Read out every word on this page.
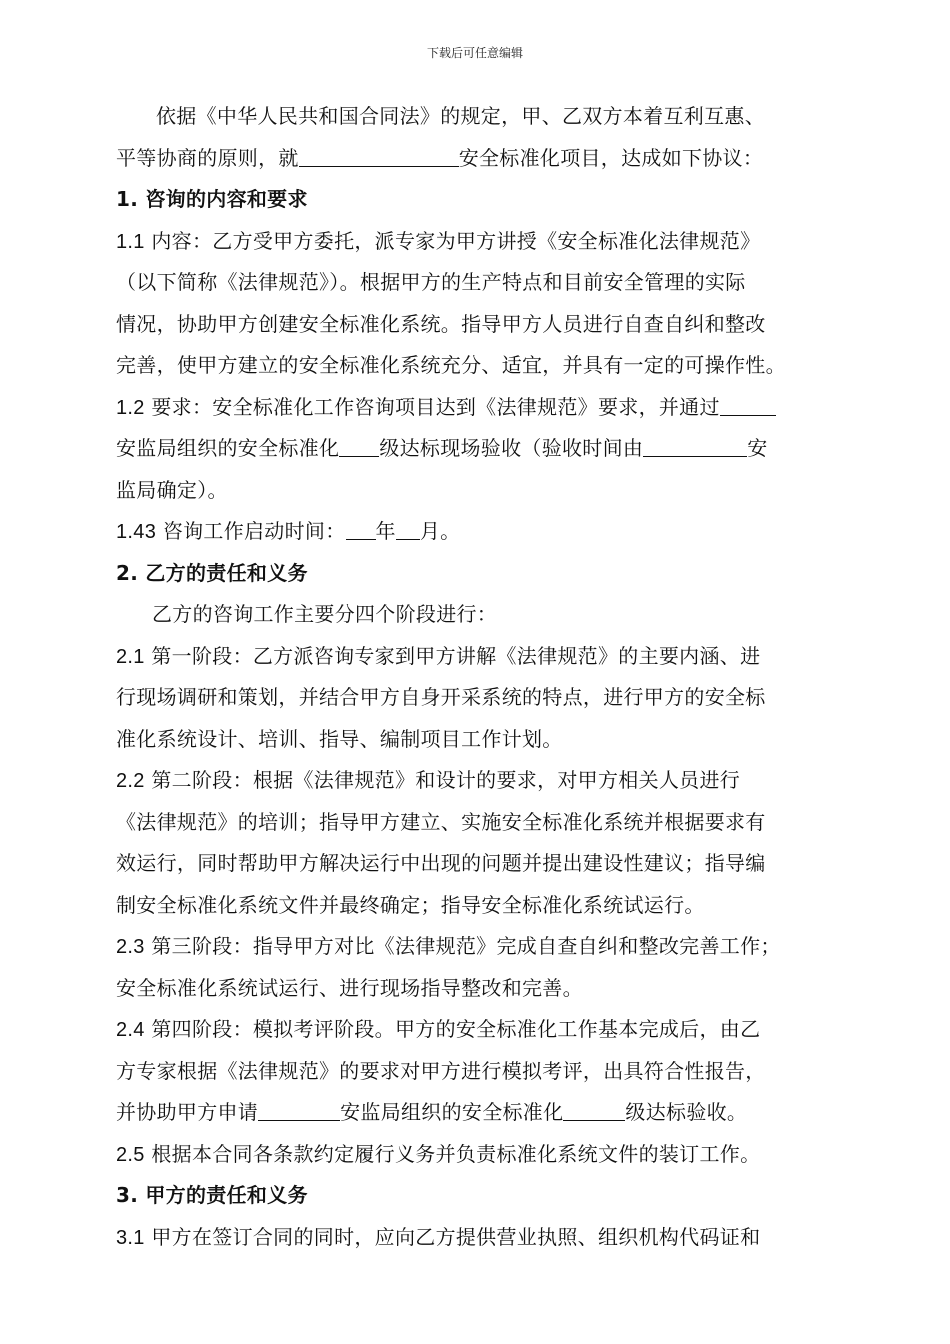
下载后可任意编辑
依据《中华人民共和国合同法》的规定，甲、乙双方本着互利互惠、
平等协商的原则，就	安全标准化项目，达成如下协议：
1. 咨询的内容和要求
1.1 内容：乙方受甲方委托，派专家为甲方讲授《安全标准化法律规范》
（以下简称《法律规范》）。根据甲方的生产特点和目前安全管理的实际
情况，协助甲方创建安全标准化系统。指导甲方人员进行自查自纠和整改
完善，使甲方建立的安全标准化系统充分、适宜，并具有一定的可操作性。
1.2 要求：安全标准化工作咨询项目达到《法律规范》要求，并通过
安监局组织的安全标准化 级达标现场验收（验收时间由	安
监局确定）。
1.43 咨询工作启动时间： 年 月。
2. 乙方的责任和义务
乙方的咨询工作主要分四个阶段进行：
2.1 第一阶段：乙方派咨询专家到甲方讲解《法律规范》的主要内涵、进
行现场调研和策划，并结合甲方自身开采系统的特点，进行甲方的安全标
准化系统设计、培训、指导、编制项目工作计划。
2.2 第二阶段：根据《法律规范》和设计的要求，对甲方相关人员进行
《法律规范》的培训；指导甲方建立、实施安全标准化系统并根据要求有
效运行，同时帮助甲方解决运行中出现的问题并提出建设性建议；指导编
制安全标准化系统文件并最终确定；指导安全标准化系统试运行。
2.3 第三阶段：指导甲方对比《法律规范》完成自查自纠和整改完善工作；
安全标准化系统试运行、进行现场指导整改和完善。
2.4 第四阶段：模拟考评阶段。甲方的安全标准化工作基本完成后，由乙
方专家根据《法律规范》的要求对甲方进行模拟考评，出具符合性报告，
并协助甲方申请	安监局组织的安全标准化	级达标验收。
2.5 根据本合同各条款约定履行义务并负责标准化系统文件的装订工作。
3. 甲方的责任和义务
3.1 甲方在签订合同的同时，应向乙方提供营业执照、组织机构代码证和
